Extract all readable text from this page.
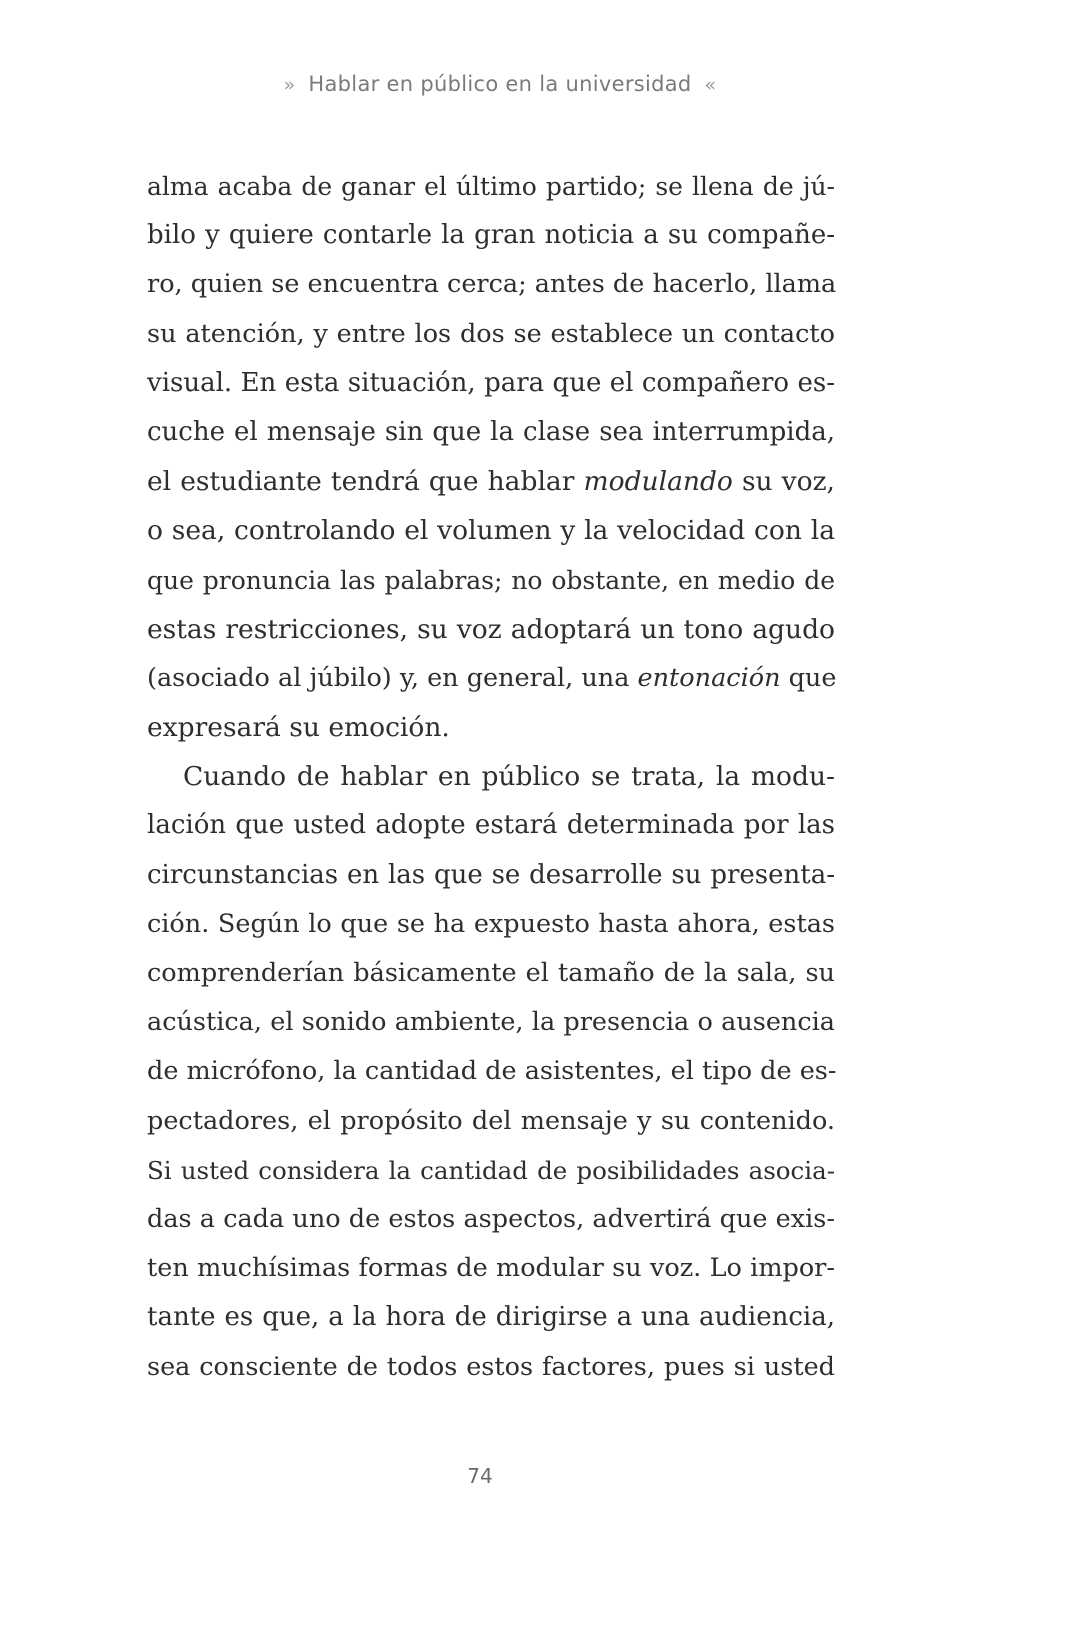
» Hablar en público en la universidad «
alma acaba de ganar el último partido; se llena de jú-
bilo y quiere contarle la gran noticia a su compañe-
ro, quien se encuentra cerca; antes de hacerlo, llama
su atención, y entre los dos se establece un contacto
visual. En esta situación, para que el compañero es-
cuche el mensaje sin que la clase sea interrumpida,
el estudiante tendrá que hablar modulando su voz,
o sea, controlando el volumen y la velocidad con la
que pronuncia las palabras; no obstante, en medio de
estas restricciones, su voz adoptará un tono agudo
(asociado al júbilo) y, en general, una entonación que
expresará su emoción.
Cuando de hablar en público se trata, la modu-
lación que usted adopte estará determinada por las
circunstancias en las que se desarrolle su presenta-
ción. Según lo que se ha expuesto hasta ahora, estas
comprenderían básicamente el tamaño de la sala, su
acústica, el sonido ambiente, la presencia o ausencia
de micrófono, la cantidad de asistentes, el tipo de es-
pectadores, el propósito del mensaje y su contenido.
Si usted considera la cantidad de posibilidades asocia-
das a cada uno de estos aspectos, advertirá que exis-
ten muchísimas formas de modular su voz. Lo impor-
tante es que, a la hora de dirigirse a una audiencia,
sea consciente de todos estos factores, pues si usted
74
